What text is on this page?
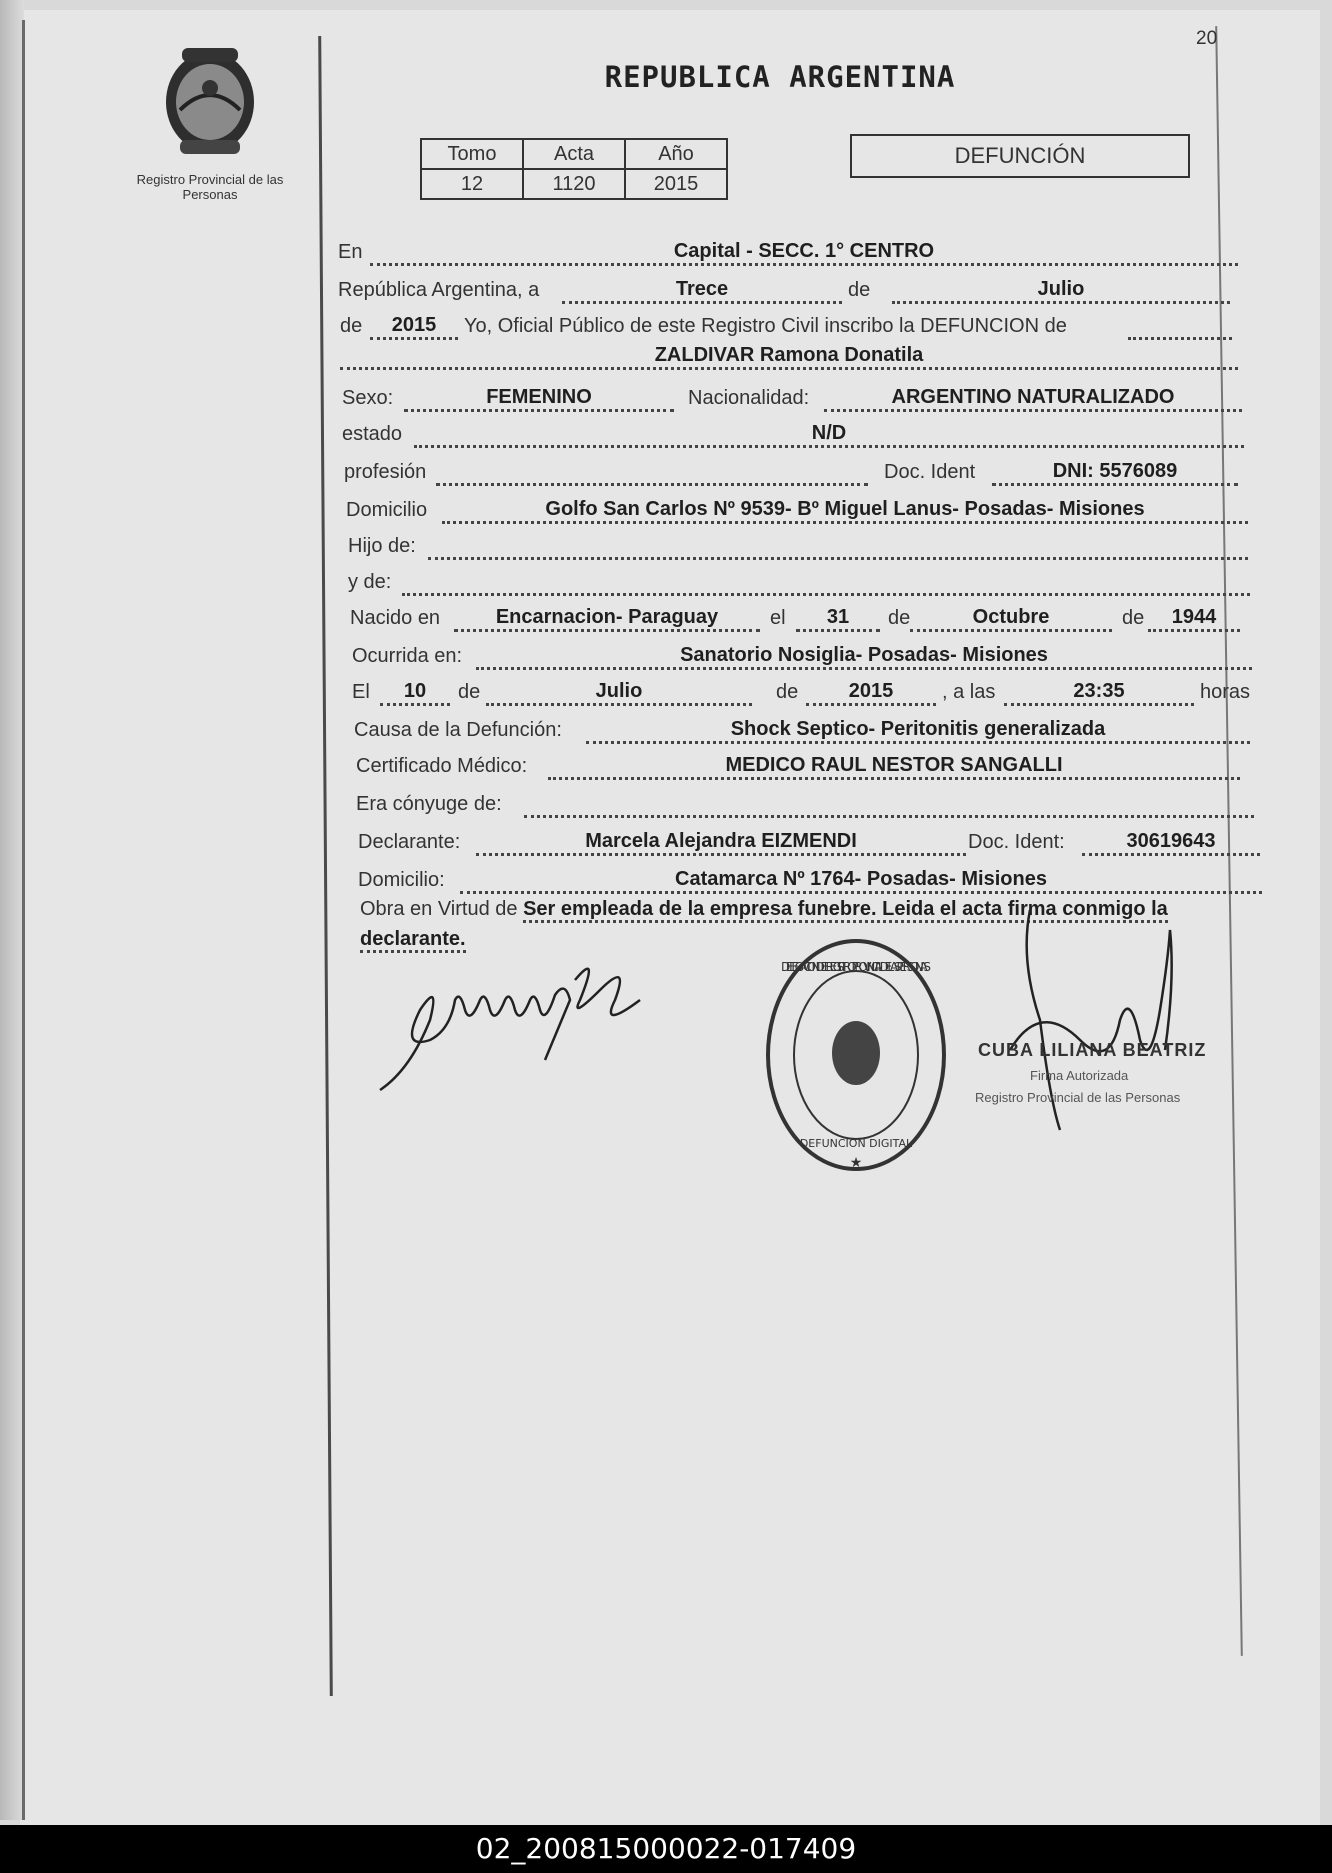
20
Registro Provincial de las Personas
REPUBLICA ARGENTINA
Tomo	Acta	Año
12	1120	2015
DEFUNCIÓN
En	Capital - SECC. 1° CENTRO
República Argentina, a	Trece	de	Julio
de	2015	Yo, Oficial Público de este Registro Civil inscribo la DEFUNCION de
ZALDIVAR Ramona Donatila
Sexo:	FEMENINO	Nacionalidad:	ARGENTINO NATURALIZADO
estado	N/D
profesión	Doc. Ident	DNI: 5576089
Domicilio	Golfo San Carlos Nº 9539- Bº Miguel Lanus- Posadas- Misiones
Hijo de:
y de:
Nacido en	Encarnacion- Paraguay	el	31	de	Octubre	de	1944
Ocurrida en:	Sanatorio Nosiglia- Posadas- Misiones
El	10	de	Julio	de	2015	, a las	23:35	horas
Causa de la Defunción:	Shock Septico- Peritonitis generalizada
Certificado Médico:	MEDICO RAUL NESTOR SANGALLI
Era cónyuge de:
Declarante:	Marcela Alejandra EIZMENDI	Doc. Ident:	30619643
Domicilio:	Catamarca Nº 1764- Posadas- Misiones
Obra en Virtud de Ser empleada de la empresa funebre. Leida el acta firma conmigo la declarante.
DELEGACION DEL REGISTRO PROVINCIAL DE LAS PERSONAS
DEFUNCION DIGITAL
★
CUBA LILIANA BEATRIZ
Firma Autorizada
Registro Provincial de las Personas
02_200815000022-017409
